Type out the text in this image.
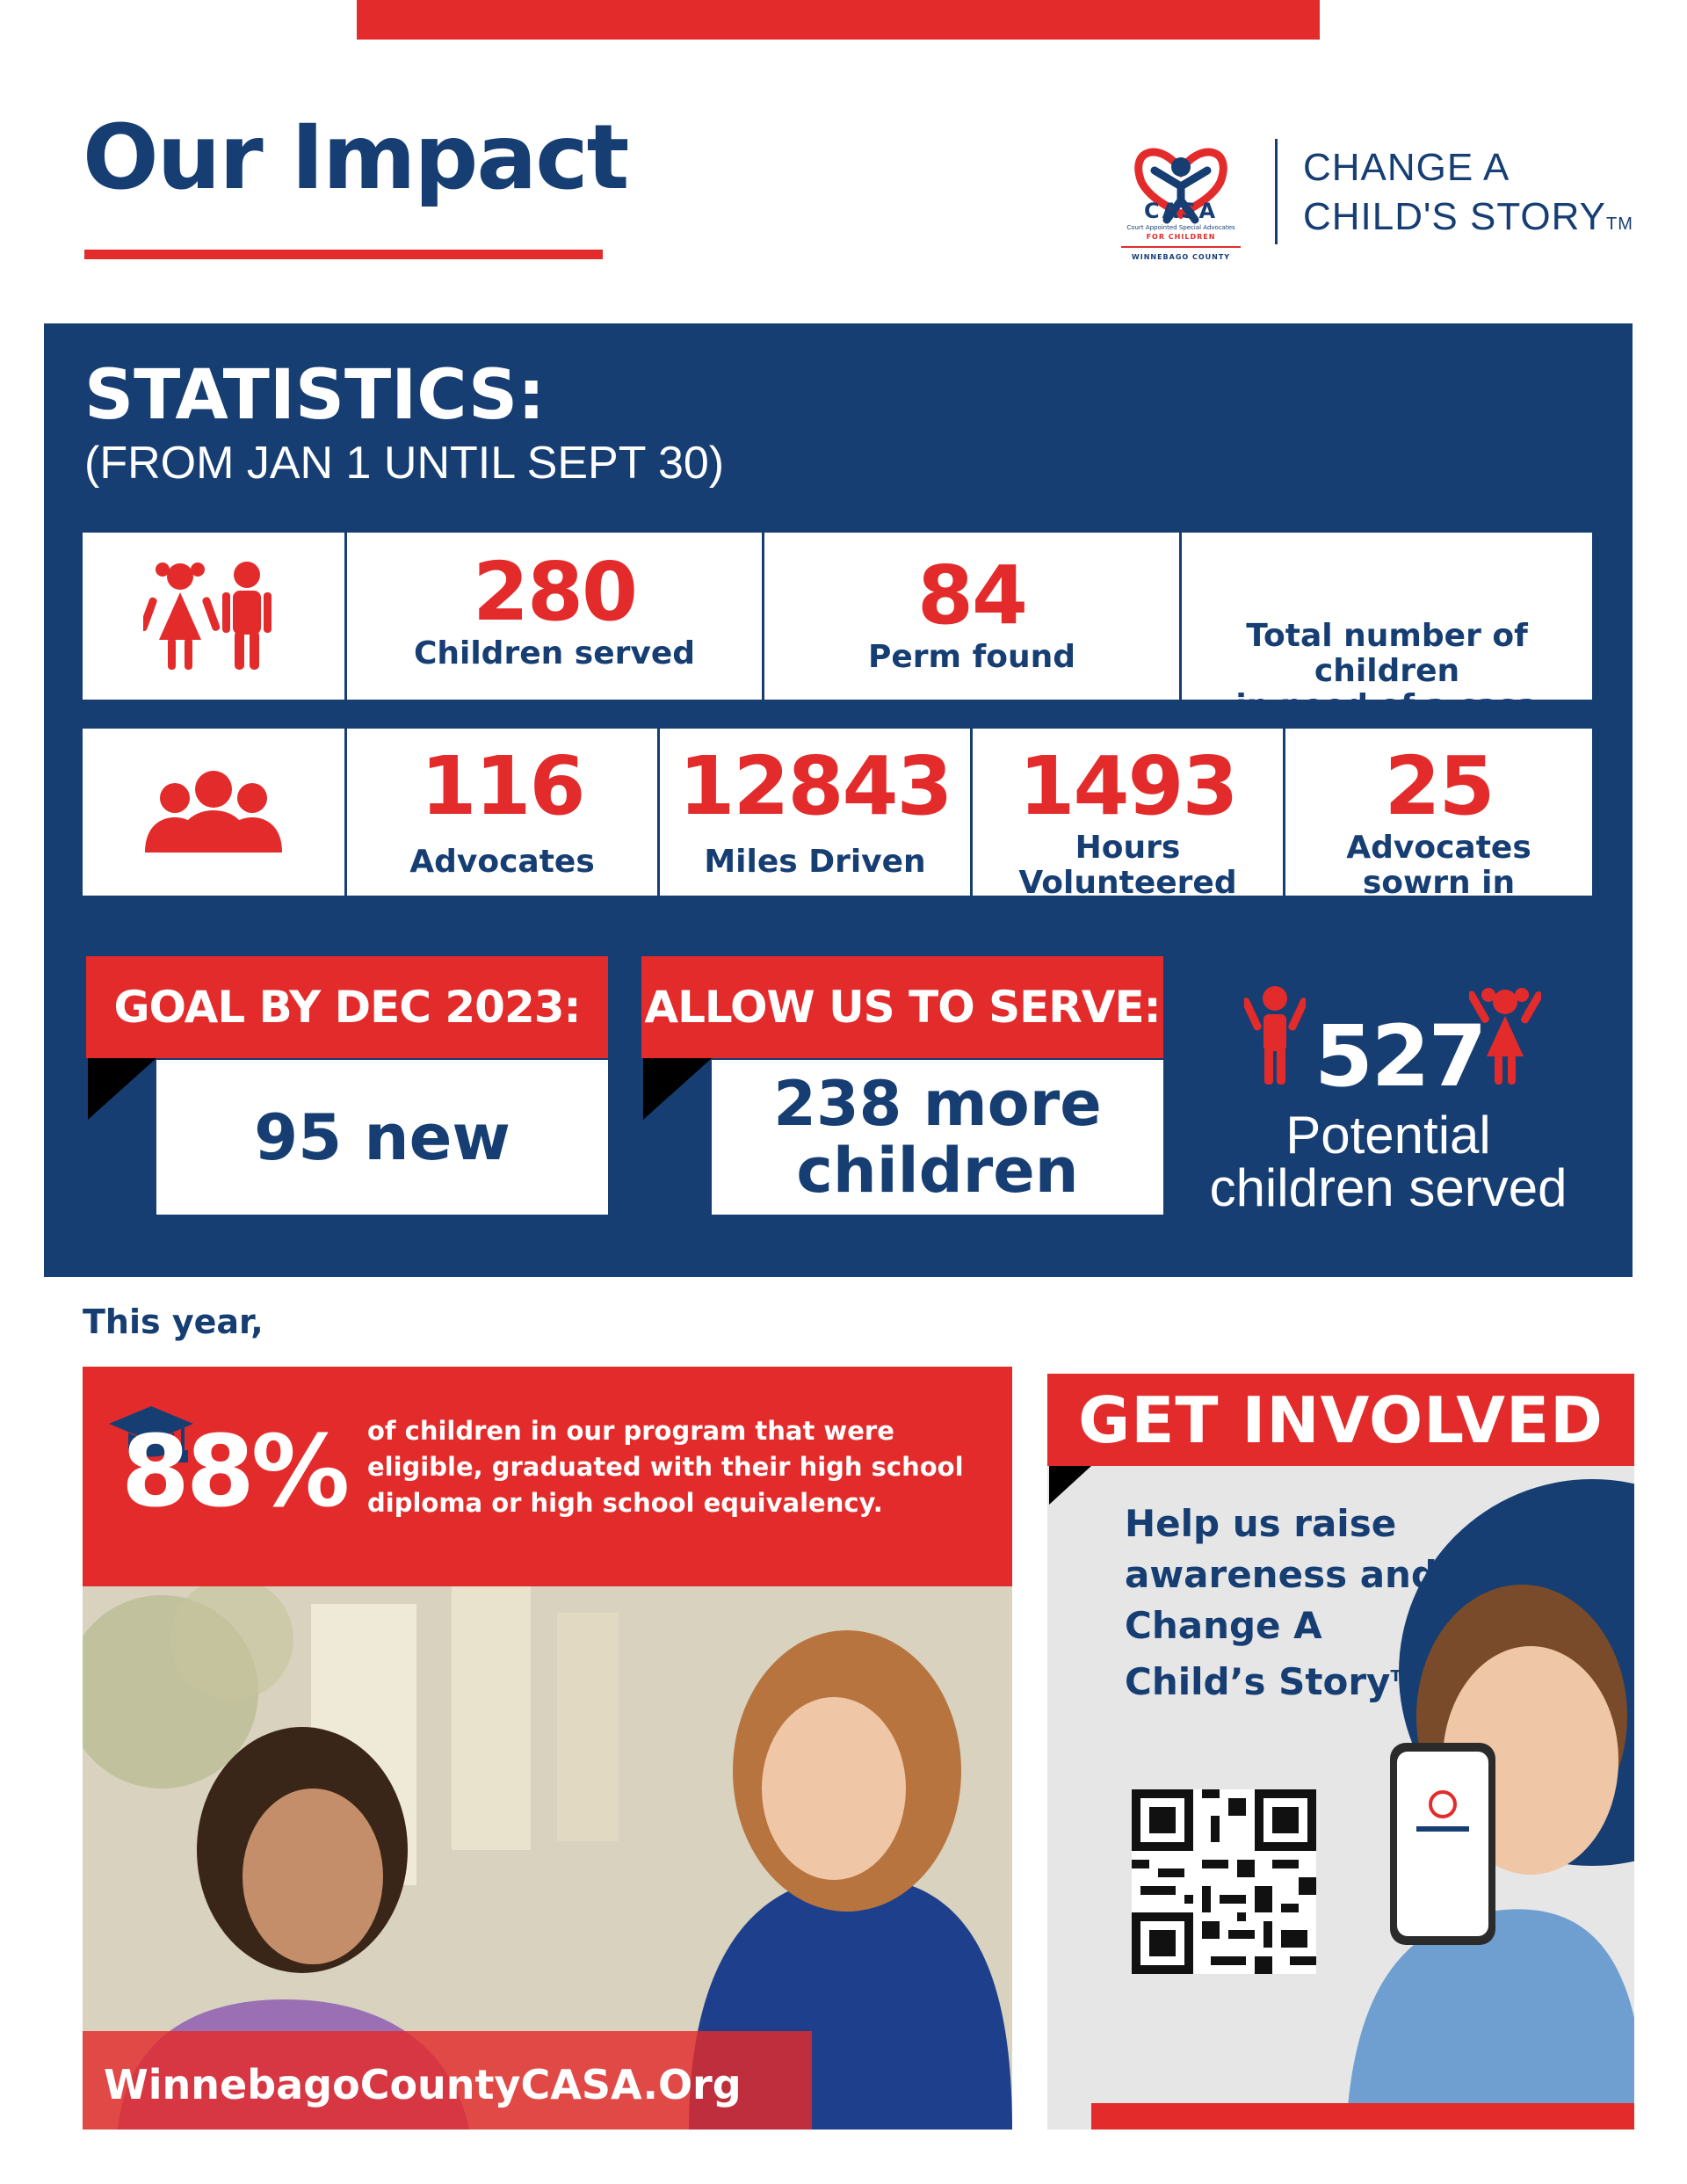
Our Impact
CASA
Court Appointed Special Advocates
FOR CHILDREN
WINNEBAGO COUNTY
CHANGE A
CHILD'S STORY™
STATISTICS:
(FROM JAN 1 UNTIL SEPT 30)
280
Children served
84
Perm found
Total number of children
in need of a casa
116
Advocates
12843
Miles Driven
1493
Hours
Volunteered
25
Advocates
sowrn in
GOAL BY DEC 2023:
95 new
ALLOW US TO SERVE:
238 more
children
527
Potential
children served
This year,
88% of children in our program that were eligible, graduated with their high school diploma or high school equivalency.
WinnebagoCountyCASA.Org
GET INVOLVED
Help us raise
awareness and
Change A
Child’s Story™
